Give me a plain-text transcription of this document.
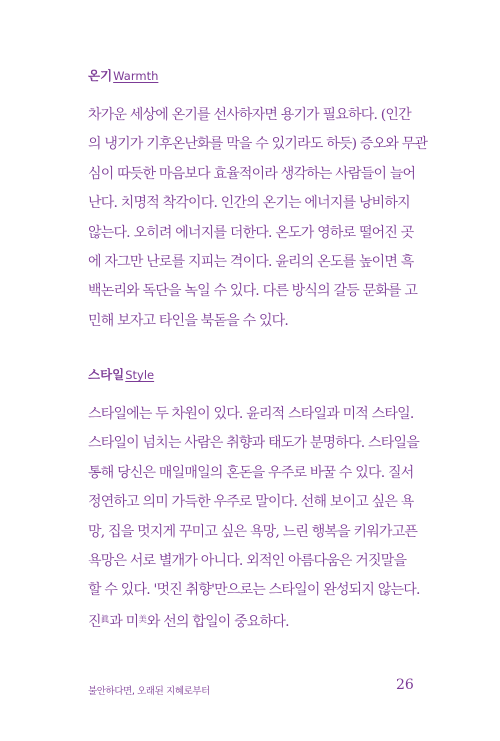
온기Warmth
차가운 세상에 온기를 선사하자면 용기가 필요하다. (인간
의 냉기가 기후온난화를 막을 수 있기라도 하듯) 증오와 무관
심이 따듯한 마음보다 효율적이라 생각하는 사람들이 늘어
난다. 치명적 착각이다. 인간의 온기는 에너지를 낭비하지
않는다. 오히려 에너지를 더한다. 온도가 영하로 떨어진 곳
에 자그만 난로를 지피는 격이다. 윤리의 온도를 높이면 흑
백논리와 독단을 녹일 수 있다. 다른 방식의 갈등 문화를 고
민해 보자고 타인을 북돋을 수 있다.
스타일Style
스타일에는 두 차원이 있다. 윤리적 스타일과 미적 스타일.
스타일이 넘치는 사람은 취향과 태도가 분명하다. 스타일을
통해 당신은 매일매일의 혼돈을 우주로 바꿀 수 있다. 질서
정연하고 의미 가득한 우주로 말이다. 선해 보이고 싶은 욕
망, 집을 멋지게 꾸미고 싶은 욕망, 느린 행복을 키워가고픈
욕망은 서로 별개가 아니다. 외적인 아름다움은 거짓말을
할 수 있다. '멋진 취향'만으로는 스타일이 완성되지 않는다.
진$^眞$과 미$^美$와 선의 합일이 중요하다.
불안하다면, 오래된 지혜로부터	26
